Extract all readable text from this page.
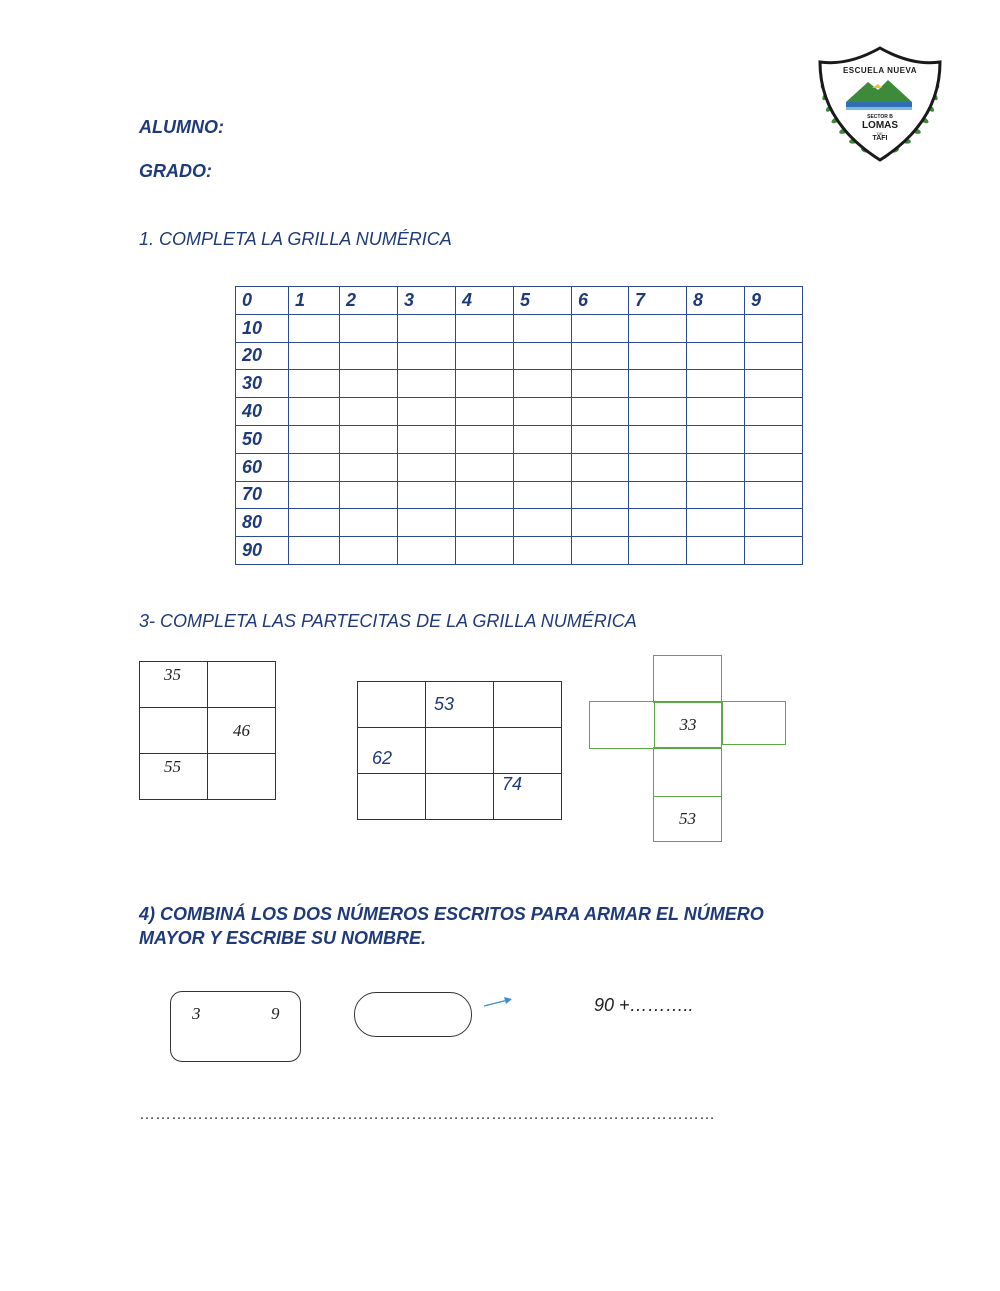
ALUMNO:
GRADO:
ESCUELA NUEVA
SECTOR B
LOMAS
DE
TAFI
1. COMPLETA LA GRILLA NUMÉRICA
0	1	2	3	4	5	6	7	8	9
10									
20									
30									
40									
50									
60									
70									
80									
90									
3- COMPLETA LAS PARTECITAS DE LA GRILLA NUMÉRICA
35	
	46
55	
	53	
62		
		74
33
53
4) COMBINÁ LOS DOS NÚMEROS ESCRITOS PARA ARMAR EL NÚMERO
MAYOR Y ESCRIBE SU NOMBRE.
3	9	90 +………..
………………………………………………………………………………………………
